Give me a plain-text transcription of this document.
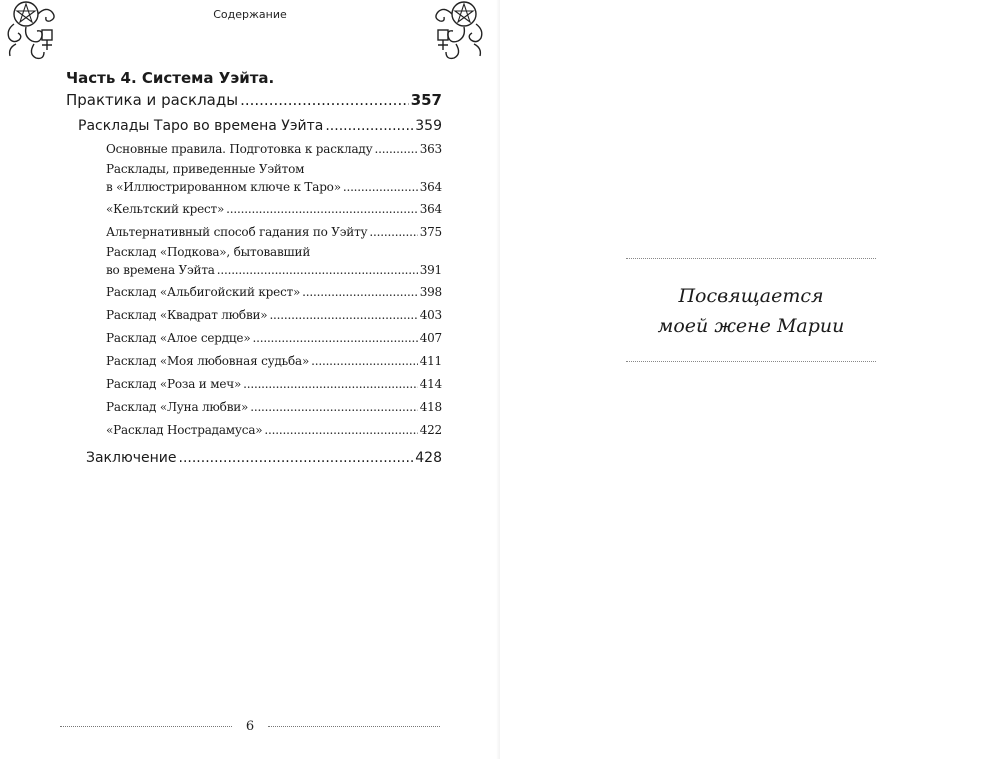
Содержание
Часть 4. Система Уэйта.
Практика и расклады .....	357
Расклады Таро во времена Уэйта .....	359
Основные правила. Подготовка к раскладу .....	363
Расклады, приведенные Уэйтом
в «Иллюстрированном ключе к Таро» .....	364
«Кельтский крест» .....	364
Альтернативный способ гадания по Уэйту .....	375
Расклад «Подкова», бытовавший
во времена Уэйта .....	391
Расклад «Альбигойский крест» .....	398
Расклад «Квадрат любви» .....	403
Расклад «Алое сердце» .....	407
Расклад «Моя любовная судьба» .....	411
Расклад «Роза и меч» .....	414
Расклад «Луна любви» .....	418
«Расклад Нострадамуса» .....	422
Заключение .....	428
6
Посвящается
моей жене Марии
